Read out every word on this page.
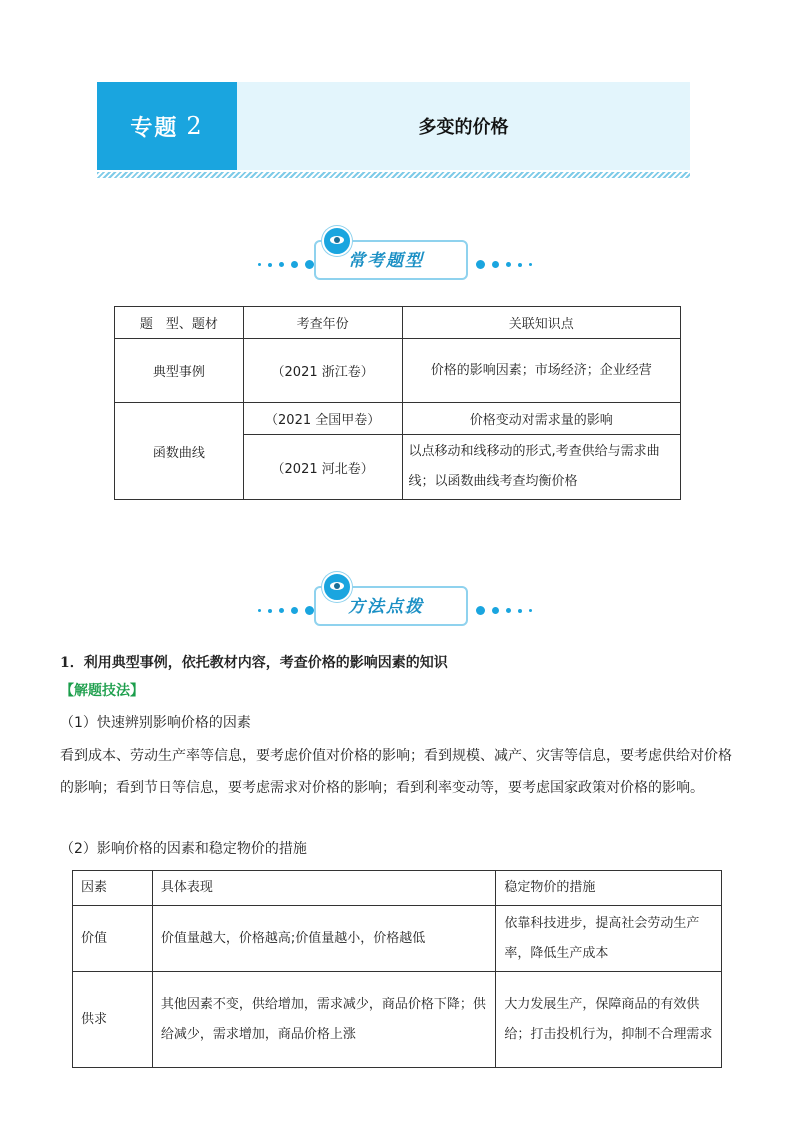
专题 2	多变的价格
常考题型
题　型、题材	考查年份	关联知识点
典型事例	（2021 浙江卷）	价格的影响因素；市场经济；企业经营
函数曲线	（2021 全国甲卷）	价格变动对需求量的影响
	（2021 河北卷）	以点移动和线移动的形式,考查供给与需求曲线；以函数曲线考查均衡价格
方法点拨
1．利用典型事例，依托教材内容，考查价格的影响因素的知识
【解题技法】
（1）快速辨别影响价格的因素
看到成本、劳动生产率等信息，要考虑价值对价格的影响；看到规模、减产、灾害等信息，要考虑供给对价格的影响；看到节日等信息，要考虑需求对价格的影响；看到利率变动等，要考虑国家政策对价格的影响。
（2）影响价格的因素和稳定物价的措施
因素	具体表现	稳定物价的措施
价值	价值量越大，价格越高;价值量越小，价格越低	依靠科技进步，提高社会劳动生产率，降低生产成本
供求	其他因素不变，供给增加，需求减少，商品价格下降；供给减少，需求增加，商品价格上涨	大力发展生产，保障商品的有效供给；打击投机行为，抑制不合理需求
